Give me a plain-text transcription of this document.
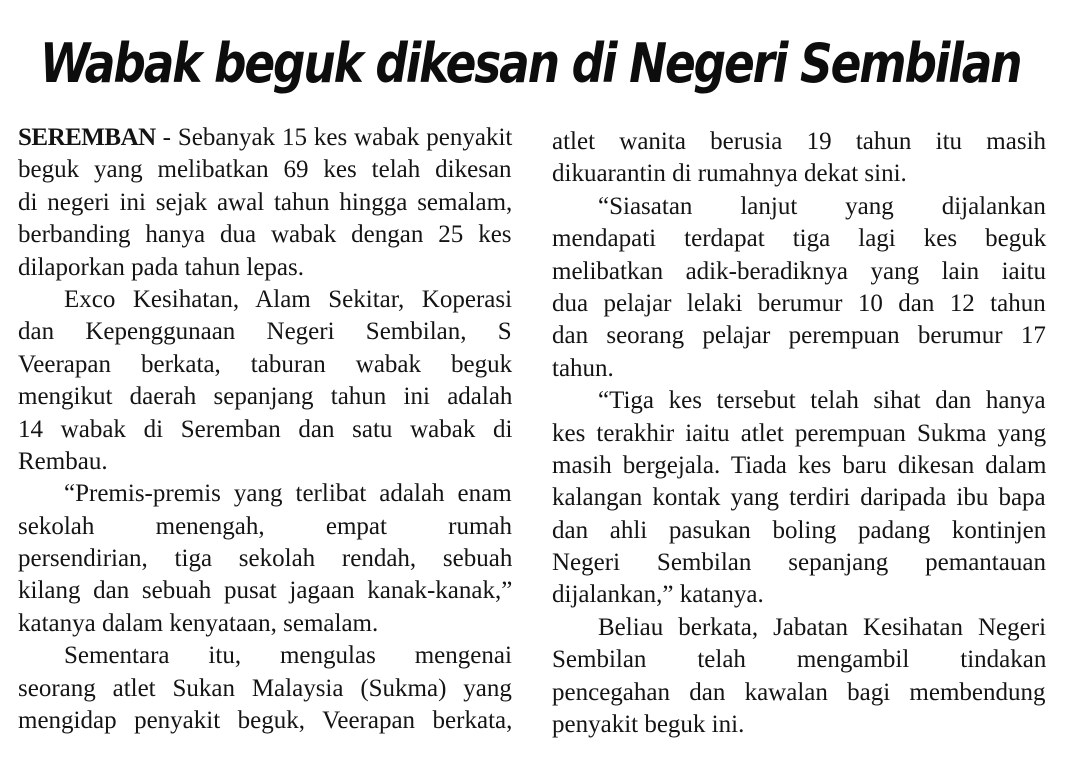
Wabak beguk dikesan di Negeri Sembilan
SEREMBAN - Sebanyak 15 kes wabak penyakit
beguk yang melibatkan 69 kes telah dikesan
di negeri ini sejak awal tahun hingga semalam,
berbanding hanya dua wabak dengan 25 kes
dilaporkan pada tahun lepas.
Exco Kesihatan, Alam Sekitar, Koperasi
dan Kepenggunaan Negeri Sembilan, S
Veerapan berkata, taburan wabak beguk
mengikut daerah sepanjang tahun ini adalah
14 wabak di Seremban dan satu wabak di
Rembau.
“Premis-premis yang terlibat adalah enam
sekolah menengah, empat rumah
persendirian, tiga sekolah rendah, sebuah
kilang dan sebuah pusat jagaan kanak-kanak,”
katanya dalam kenyataan, semalam.
Sementara itu, mengulas mengenai
seorang atlet Sukan Malaysia (Sukma) yang
mengidap penyakit beguk, Veerapan berkata,
atlet wanita berusia 19 tahun itu masih
dikuarantin di rumahnya dekat sini.
“Siasatan lanjut yang dijalankan
mendapati terdapat tiga lagi kes beguk
melibatkan adik-beradiknya yang lain iaitu
dua pelajar lelaki berumur 10 dan 12 tahun
dan seorang pelajar perempuan berumur 17
tahun.
“Tiga kes tersebut telah sihat dan hanya
kes terakhir iaitu atlet perempuan Sukma yang
masih bergejala. Tiada kes baru dikesan dalam
kalangan kontak yang terdiri daripada ibu bapa
dan ahli pasukan boling padang kontinjen
Negeri Sembilan sepanjang pemantauan
dijalankan,” katanya.
Beliau berkata, Jabatan Kesihatan Negeri
Sembilan telah mengambil tindakan
pencegahan dan kawalan bagi membendung
penyakit beguk ini.
